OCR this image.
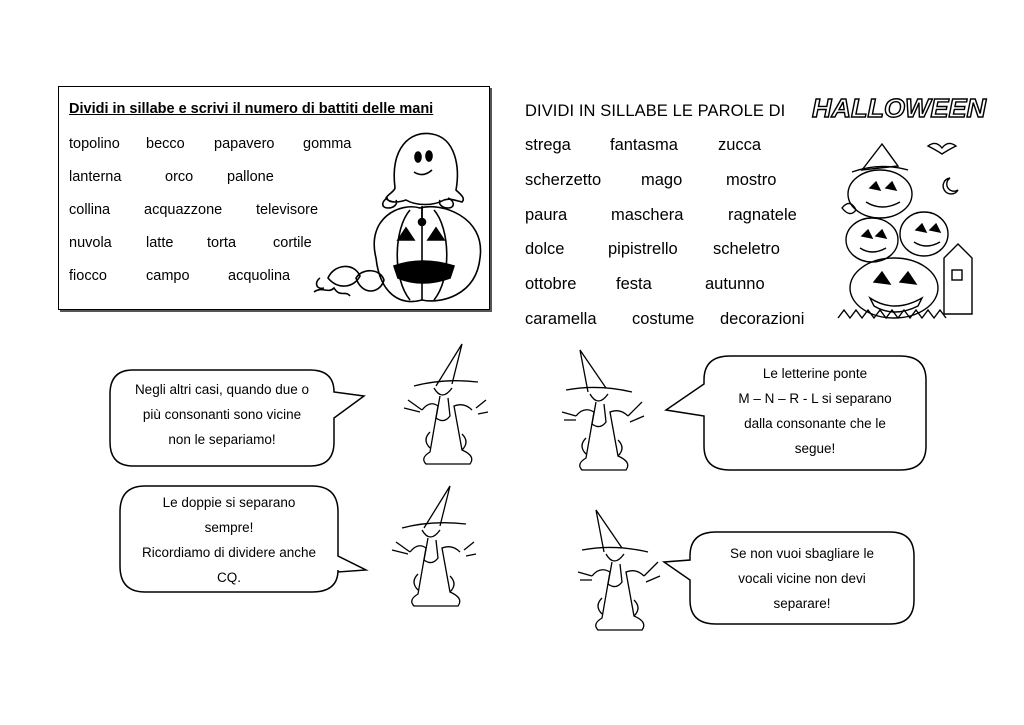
Dividi in sillabe e scrivi il numero di battiti delle mani
topolino becco papavero gomma
lanterna	orco pallone
collina acquazzone televisore
nuvola latte torta	cortile
fiocco	campo	acquolina
DIVIDI IN SILLABE LE PAROLE DI HALLOWEEN
strega fantasma zucca
scherzetto mago	mostro
paura	maschera	ragnatele
dolce	pipistrello scheletro
ottobre festa	autunno
caramella costume decorazioni
Negli altri casi, quando due o
più consonanti sono vicine
non le separiamo!
Le letterine ponte
M – N – R - L si separano
dalla consonante che le
segue!
Le doppie si separano
sempre!
Ricordiamo di dividere anche
CQ.
Se non vuoi sbagliare le
vocali vicine non devi
separare!
